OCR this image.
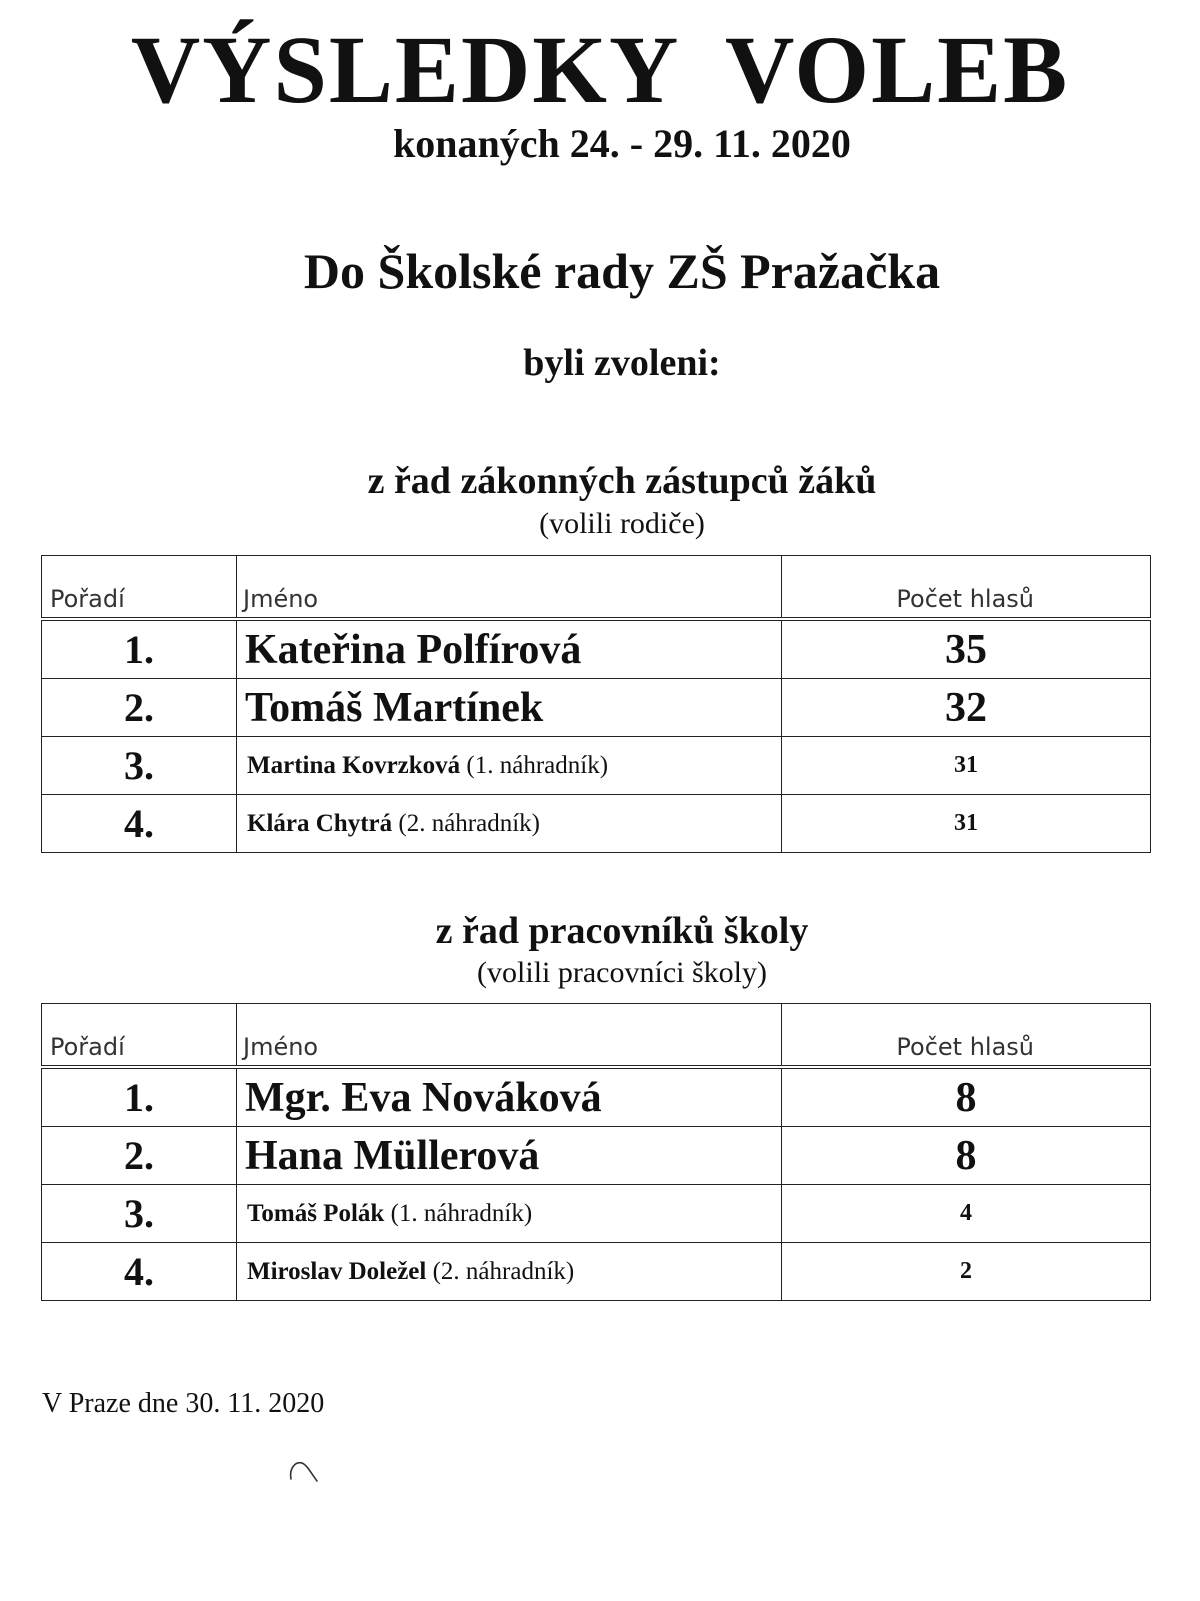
VÝSLEDKY VOLEB
konaných 24. - 29. 11. 2020
Do Školské rady ZŠ Pražačka
byli zvoleni:
z řad zákonných zástupců žáků
(volili rodiče)
Pořadí	Jméno	Počet hlasů
1.	Kateřina Polfírová	35
2.	Tomáš Martínek	32
3.	Martina Kovrzková (1. náhradník)	31
4.	Klára Chytrá (2. náhradník)	31
z řad pracovníků školy
(volili pracovníci školy)
Pořadí	Jméno	Počet hlasů
1.	Mgr. Eva Nováková	8
2.	Hana Müllerová	8
3.	Tomáš Polák (1. náhradník)	4
4.	Miroslav Doležel (2. náhradník)	2
V Praze dne 30. 11. 2020
